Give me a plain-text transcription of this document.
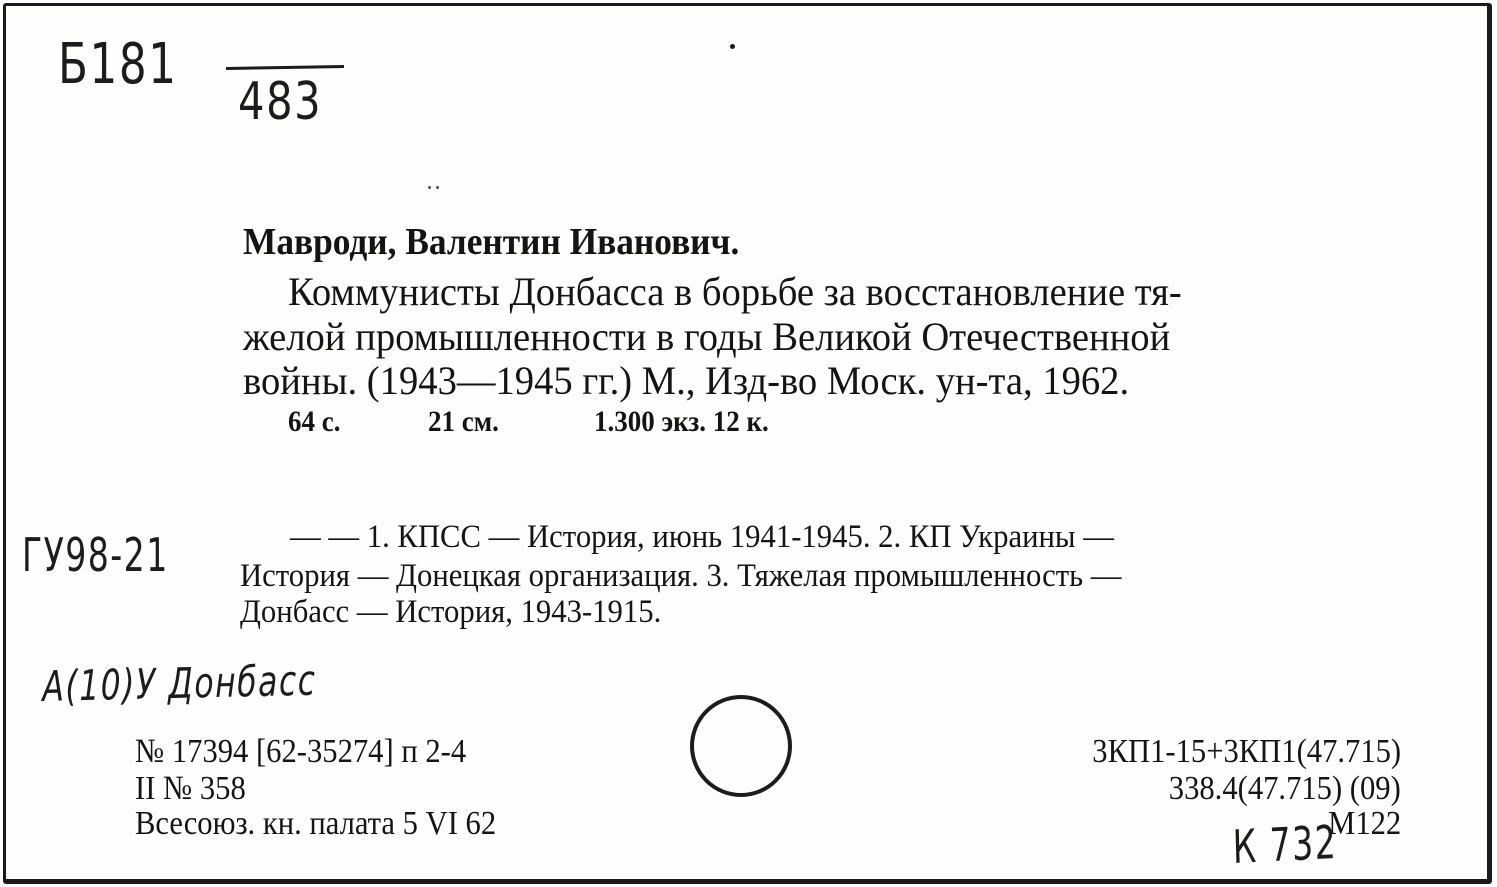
Б181
483
Мавроди, Валентин Иванович.
Коммунисты Донбасса в борьбе за восстановление тя-
желой промышленности в годы Великой Отечественной
войны. (1943—1945 гг.) М., Изд-во Моск. ун-та, 1962.
64 с.	21 см.	1.300 экз. 12 к.
ГУ98-21	— — 1. КПСС — История, июнь 1941-1945. 2. КП Украины —
История — Донецкая организация. 3. Тяжелая промышленность —
Донбасс — История, 1943-1915.
А(10)У Донбасс
№ 17394 [62-35274] п 2-4
II № 358
Всесоюз. кн. палата 5 VI 62
3КП1-15+3КП1(47.715)
338.4(47.715) (09)
М122
К 732
